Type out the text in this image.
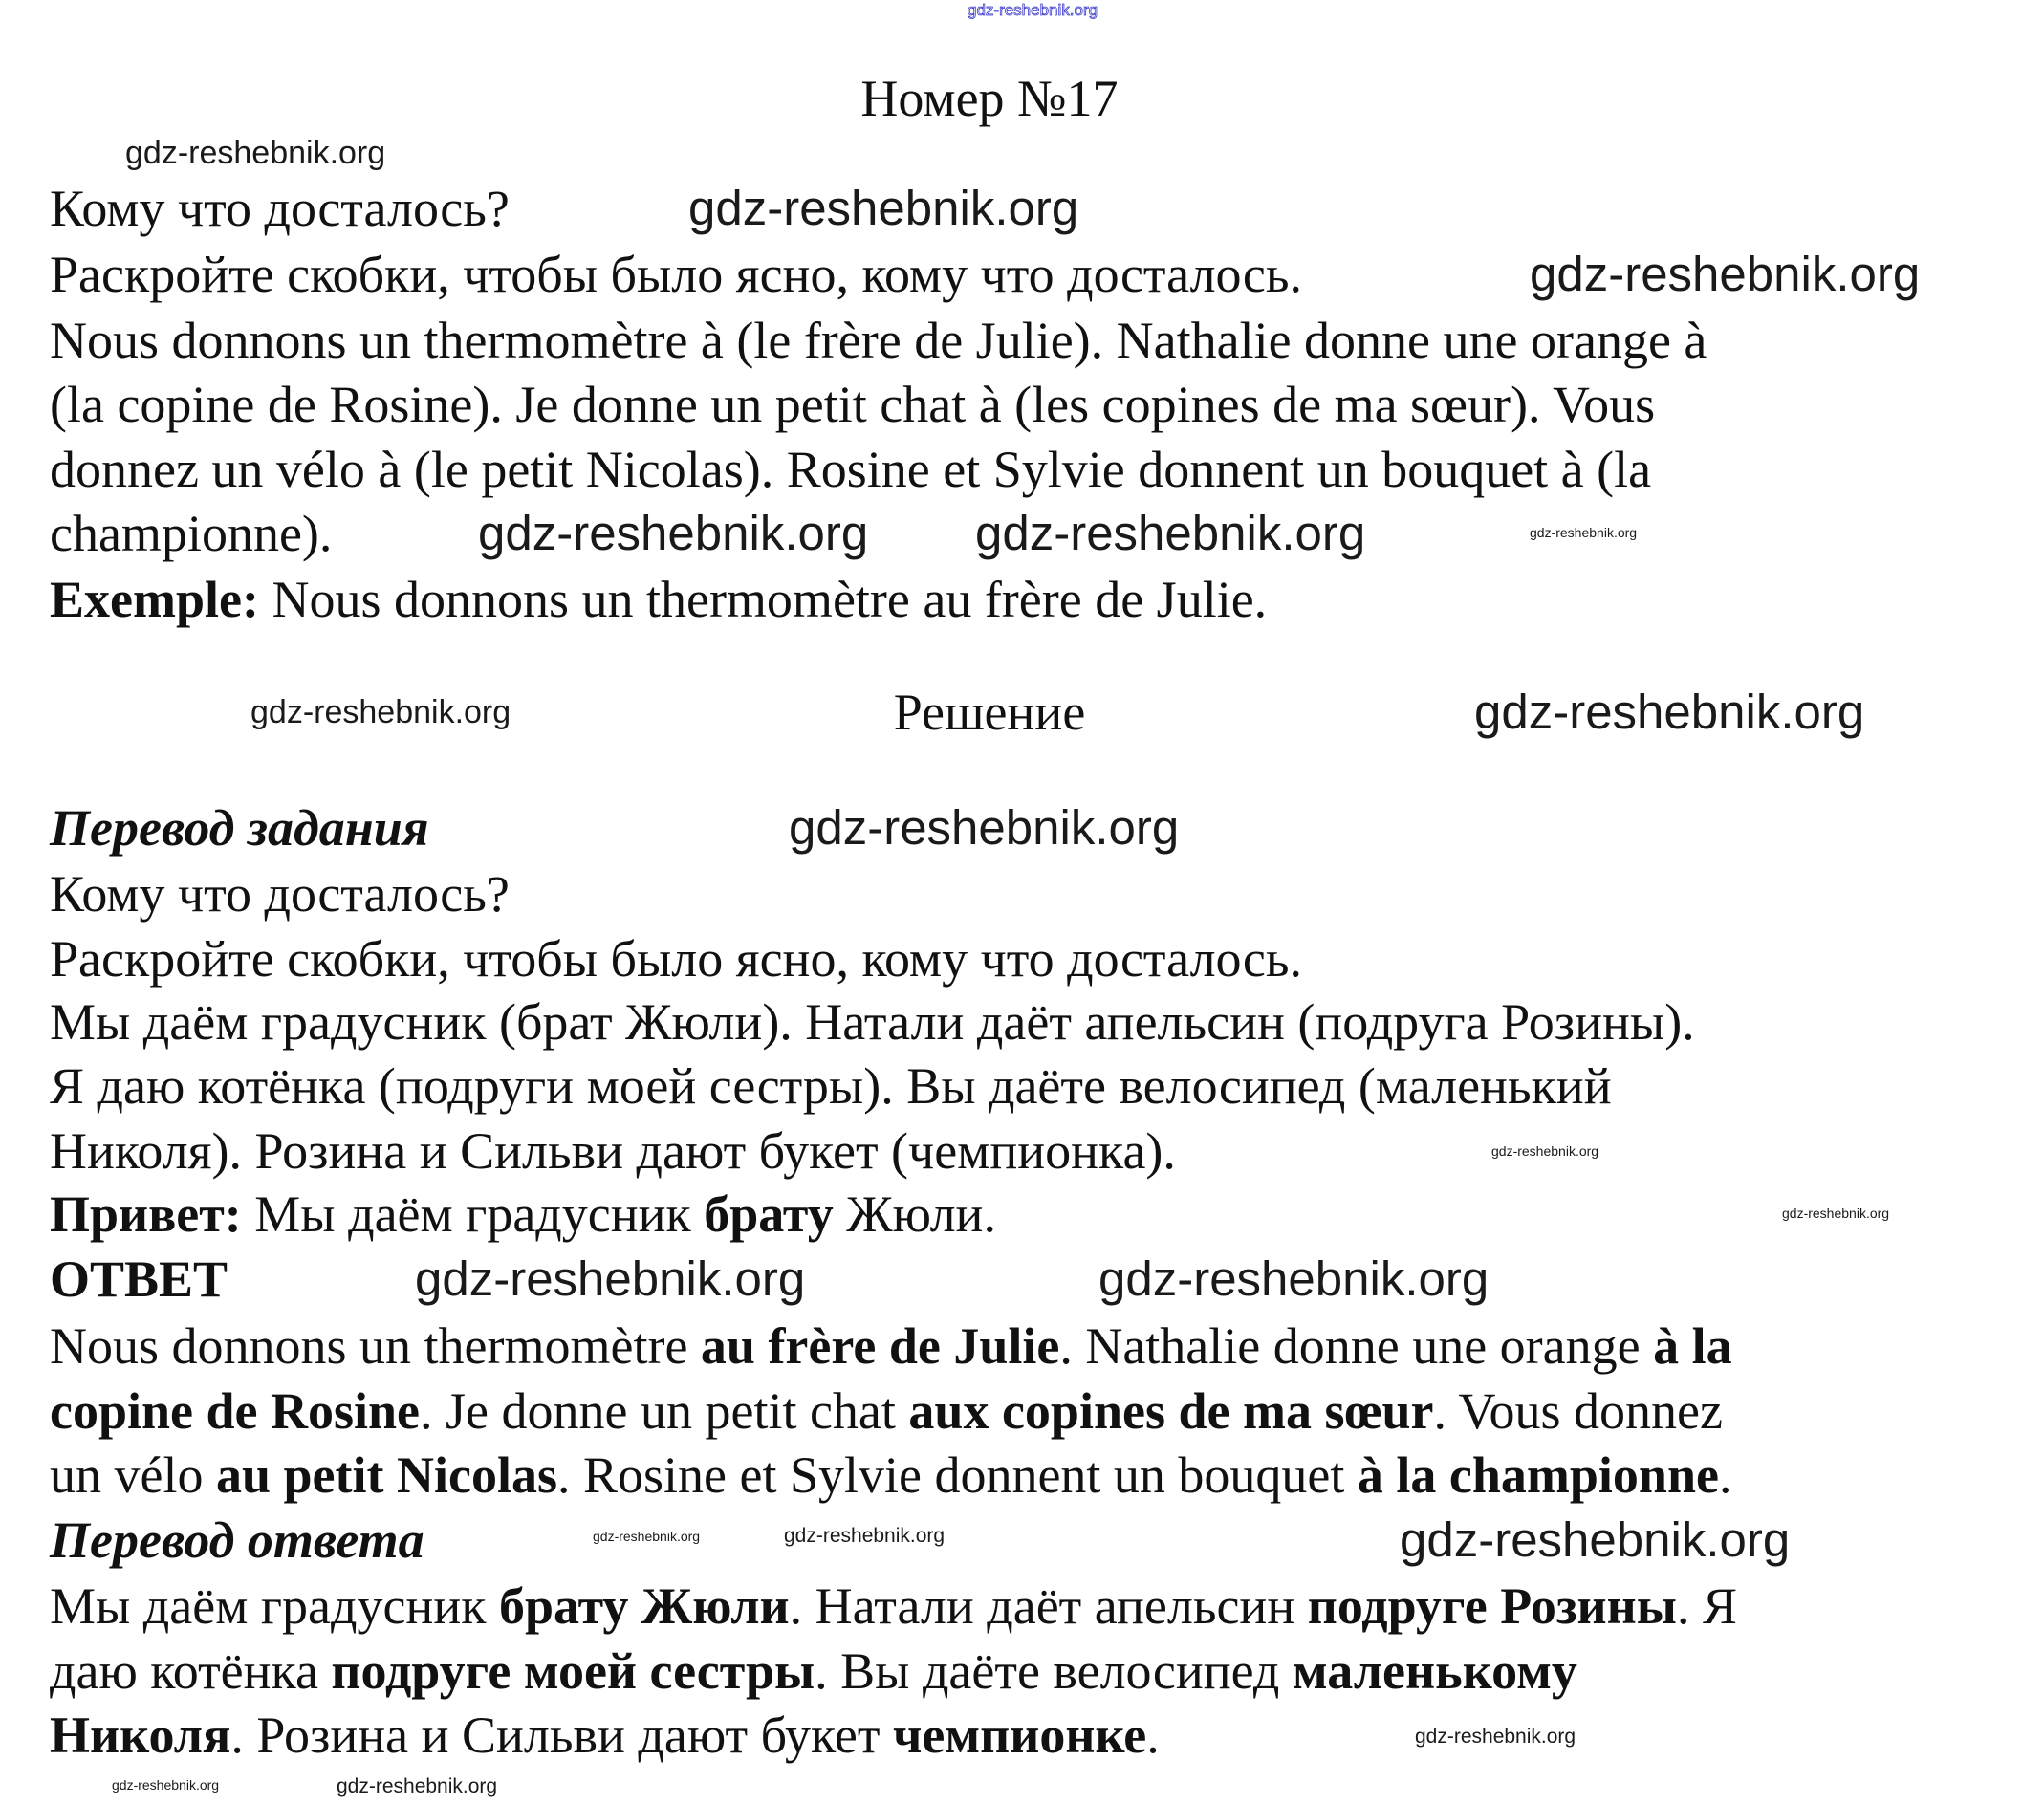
Номер №17
Кому что досталось?
Раскройте скобки, чтобы было ясно, кому что досталось.
Nous donnons un thermomètre à (le frère de Julie). Nathalie donne une orange à
(la copine de Rosine). Je donne un petit chat à (les copines de ma sœur). Vous
donnez un vélo à (le petit Nicolas). Rosine et Sylvie donnent un bouquet à (la
championne).
Exemple: Nous donnons un thermomètre au frère de Julie.
Решение
Перевод задания
Кому что досталось?
Раскройте скобки, чтобы было ясно, кому что досталось.
Мы даём градусник (брат Жюли). Натали даёт апельсин (подруга Розины).
Я даю котёнка (подруги моей сестры). Вы даёте велосипед (маленький
Николя). Розина и Сильви дают букет (чемпионка).
Привет: Мы даём градусник брату Жюли.
ОТВЕТ
Nous donnons un thermomètre au frère de Julie. Nathalie donne une orange à la
copine de Rosine. Je donne un petit chat aux copines de ma sœur. Vous donnez
un vélo au petit Nicolas. Rosine et Sylvie donnent un bouquet à la championne.
Перевод ответа
Мы даём градусник брату Жюли. Натали даёт апельсин подруге Розины. Я
даю котёнка подруге моей сестры. Вы даёте велосипед маленькому
Николя. Розина и Сильви дают букет чемпионке.
gdz-reshebnik.org
gdz-reshebnik.org
gdz-reshebnik.org
gdz-reshebnik.org
gdz-reshebnik.org gdz-reshebnik.org	gdz-reshebnik.org
gdz-reshebnik.org
gdz-reshebnik.org
gdz-reshebnik.org
gdz-reshebnik.org
gdz-reshebnik.org
gdz-reshebnik.org
gdz-reshebnik.org
gdz-reshebnik.org
gdz-reshebnik.org	gdz-reshebnik.org
gdz-reshebnik.org
gdz-reshebnik.org	gdz-reshebnik.org
